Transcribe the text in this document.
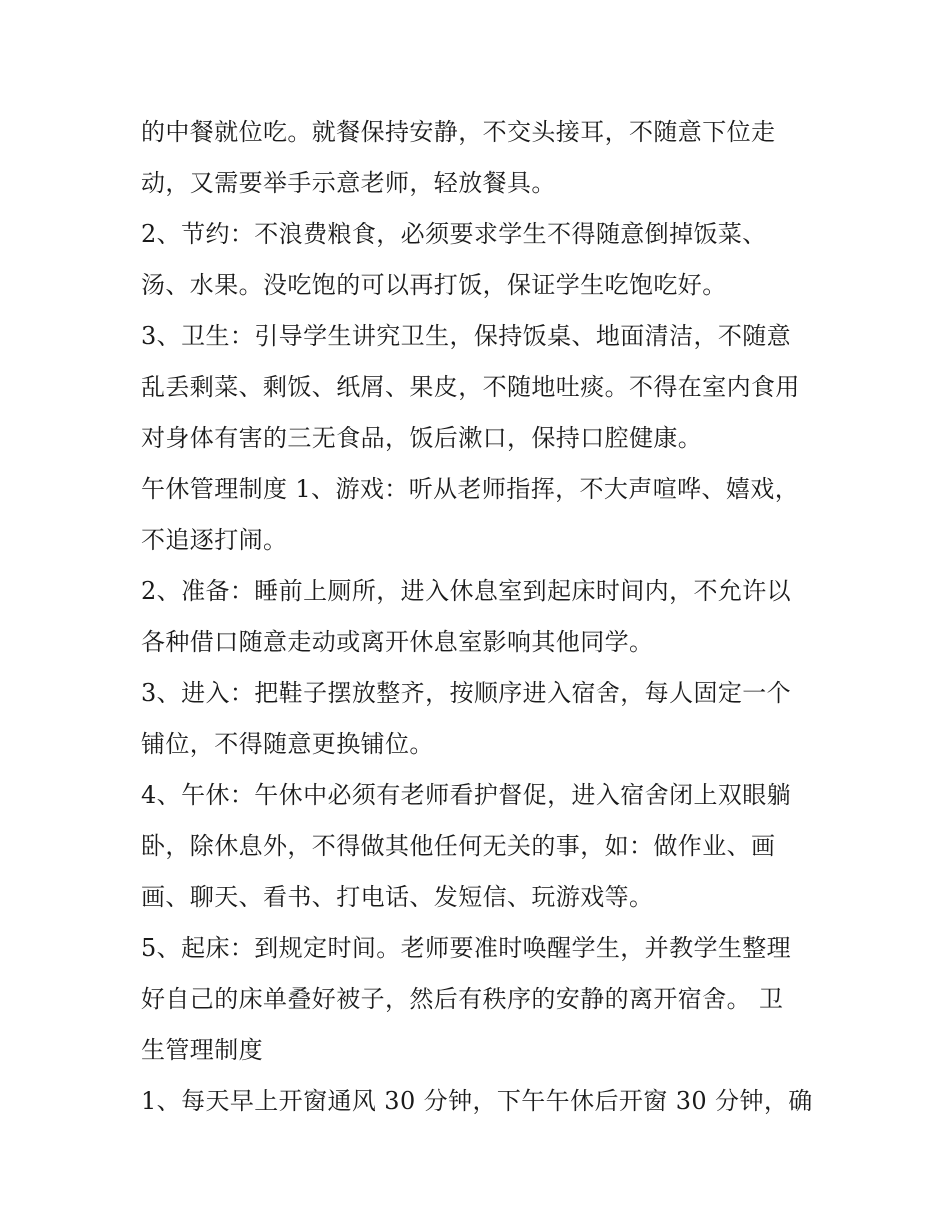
的中餐就位吃。就餐保持安静，不交头接耳，不随意下位走
动，又需要举手示意老师，轻放餐具。
2、节约：不浪费粮食，必须要求学生不得随意倒掉饭菜、
汤、水果。没吃饱的可以再打饭，保证学生吃饱吃好。
3、卫生：引导学生讲究卫生，保持饭桌、地面清洁，不随意
乱丢剩菜、剩饭、纸屑、果皮，不随地吐痰。不得在室内食用
对身体有害的三无食品，饭后漱口，保持口腔健康。
午休管理制度 1、游戏：听从老师指挥，不大声喧哗、嬉戏，
不追逐打闹。
2、准备：睡前上厕所，进入休息室到起床时间内，不允许以
各种借口随意走动或离开休息室影响其他同学。
3、进入：把鞋子摆放整齐，按顺序进入宿舍，每人固定一个
铺位，不得随意更换铺位。
4、午休：午休中必须有老师看护督促，进入宿舍闭上双眼躺
卧，除休息外，不得做其他任何无关的事，如：做作业、画
画、聊天、看书、打电话、发短信、玩游戏等。
5、起床：到规定时间。老师要准时唤醒学生，并教学生整理
好自己的床单叠好被子，然后有秩序的安静的离开宿舍。 卫
生管理制度
1、每天早上开窗通风 30 分钟，下午午休后开窗 30 分钟，确
